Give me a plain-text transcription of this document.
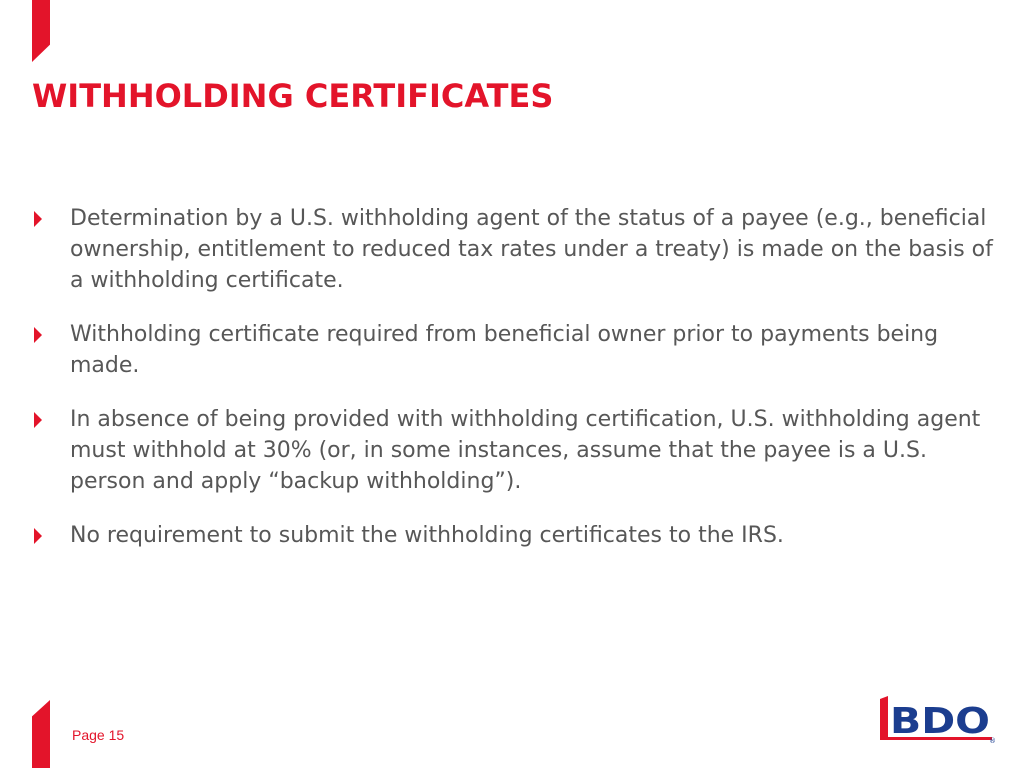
WITHHOLDING CERTIFICATES
Determination by a U.S. withholding agent of the status of a payee (e.g., beneficial ownership, entitlement to reduced tax rates under a treaty) is made on the basis of a withholding certificate.
Withholding certificate required from beneficial owner prior to payments being made.
In absence of being provided with withholding certification, U.S. withholding agent must withhold at 30% (or, in some instances, assume that the payee is a U.S. person and apply “backup withholding”).
No requirement to submit the withholding certificates to the IRS.
Page 15	BDO ®
